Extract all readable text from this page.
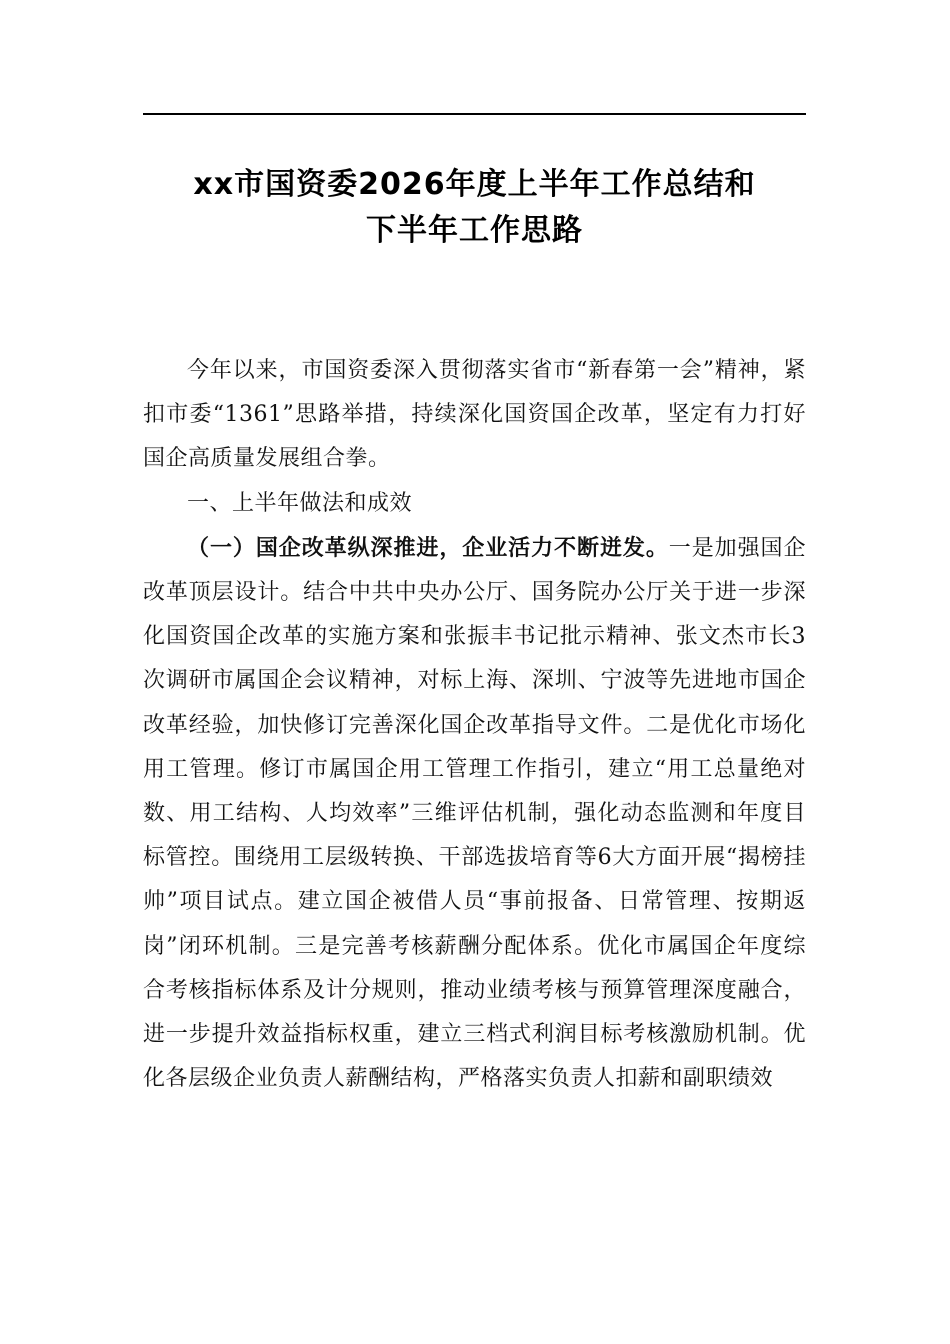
xx市国资委2026年度上半年工作总结和
下半年工作思路

今年以来，市国资委深入贯彻落实省市“新春第一会”精神，紧扣市委“1361”思路举措，持续深化国资国企改革，坚定有力打好国企高质量发展组合拳。

一、上半年做法和成效

（一）国企改革纵深推进，企业活力不断迸发。一是加强国企改革顶层设计。结合中共中央办公厅、国务院办公厅关于进一步深化国资国企改革的实施方案和张振丰书记批示精神、张文杰市长3次调研市属国企会议精神，对标上海、深圳、宁波等先进地市国企改革经验，加快修订完善深化国企改革指导文件。二是优化市场化用工管理。修订市属国企用工管理工作指引，建立“用工总量绝对数、用工结构、人均效率”三维评估机制，强化动态监测和年度目标管控。围绕用工层级转换、干部选拔培育等6大方面开展“揭榜挂帅”项目试点。建立国企被借人员“事前报备、日常管理、按期返岗”闭环机制。三是完善考核薪酬分配体系。优化市属国企年度综合考核指标体系及计分规则，推动业绩考核与预算管理深度融合，进一步提升效益指标权重，建立三档式利润目标考核激励机制。优化各层级企业负责人薪酬结构，严格落实负责人扣薪和副职绩效
